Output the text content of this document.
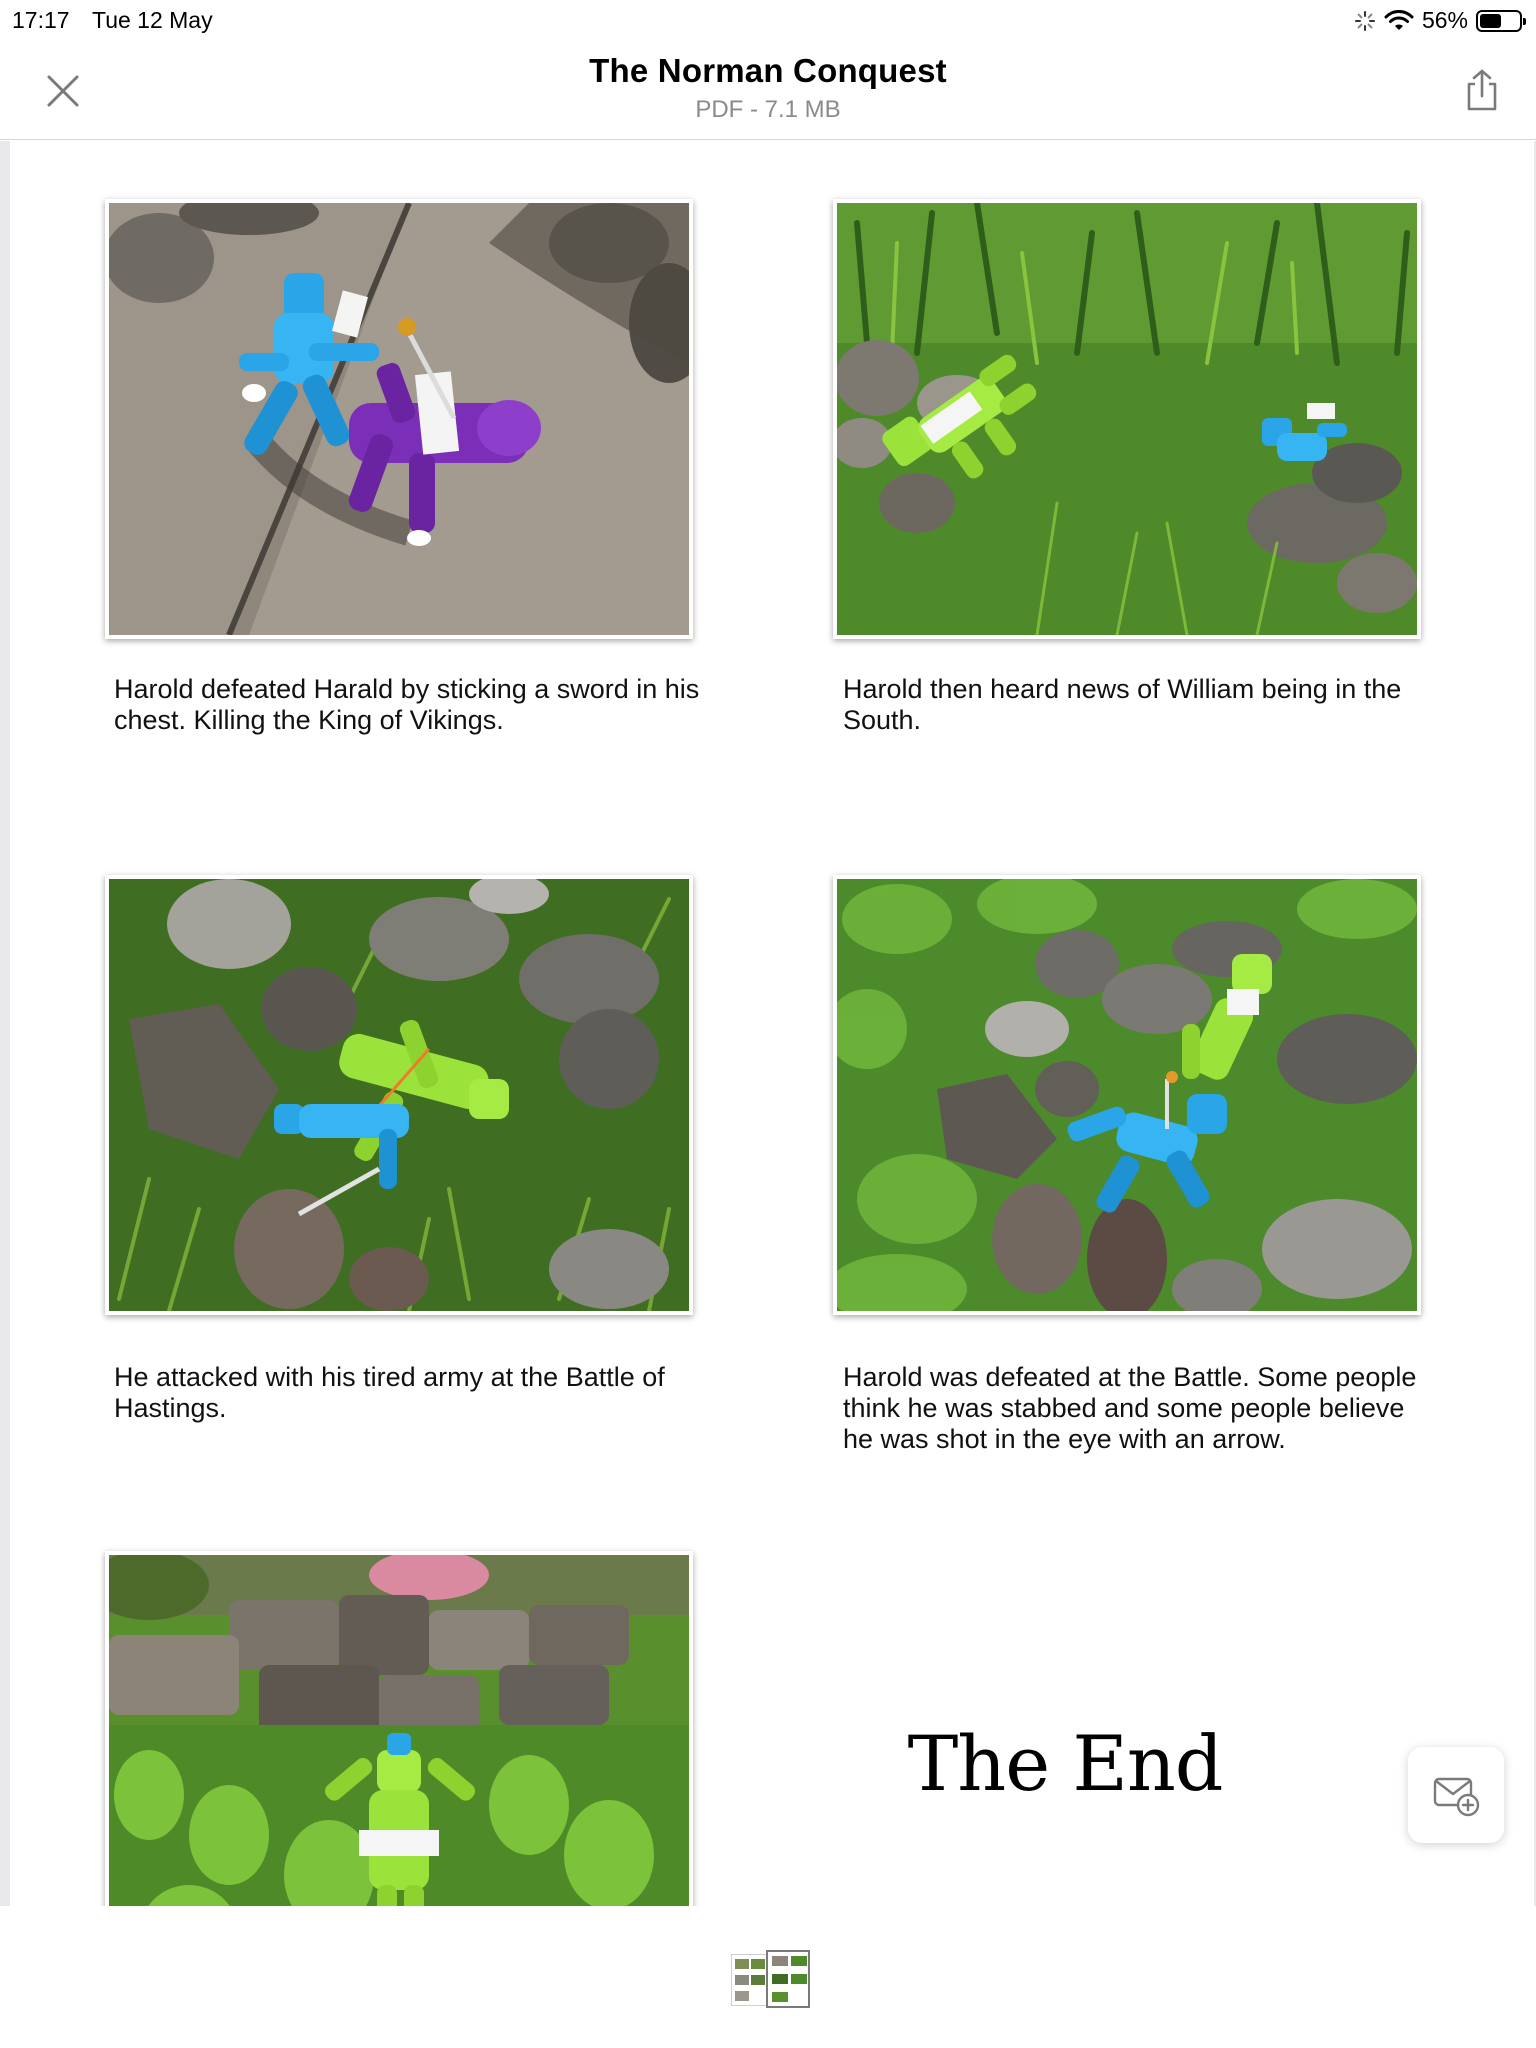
17:17 Tue 12 May	56%
The Norman Conquest
PDF - 7.1 MB
Harold defeated Harald by sticking a sword in his chest. Killing the King of Vikings.
Harold then heard news of William being in the South.
He attacked with his tired army at the Battle of Hastings.
Harold was defeated at the Battle. Some people think he was stabbed and some people believe he was shot in the eye with an arrow.
The End
